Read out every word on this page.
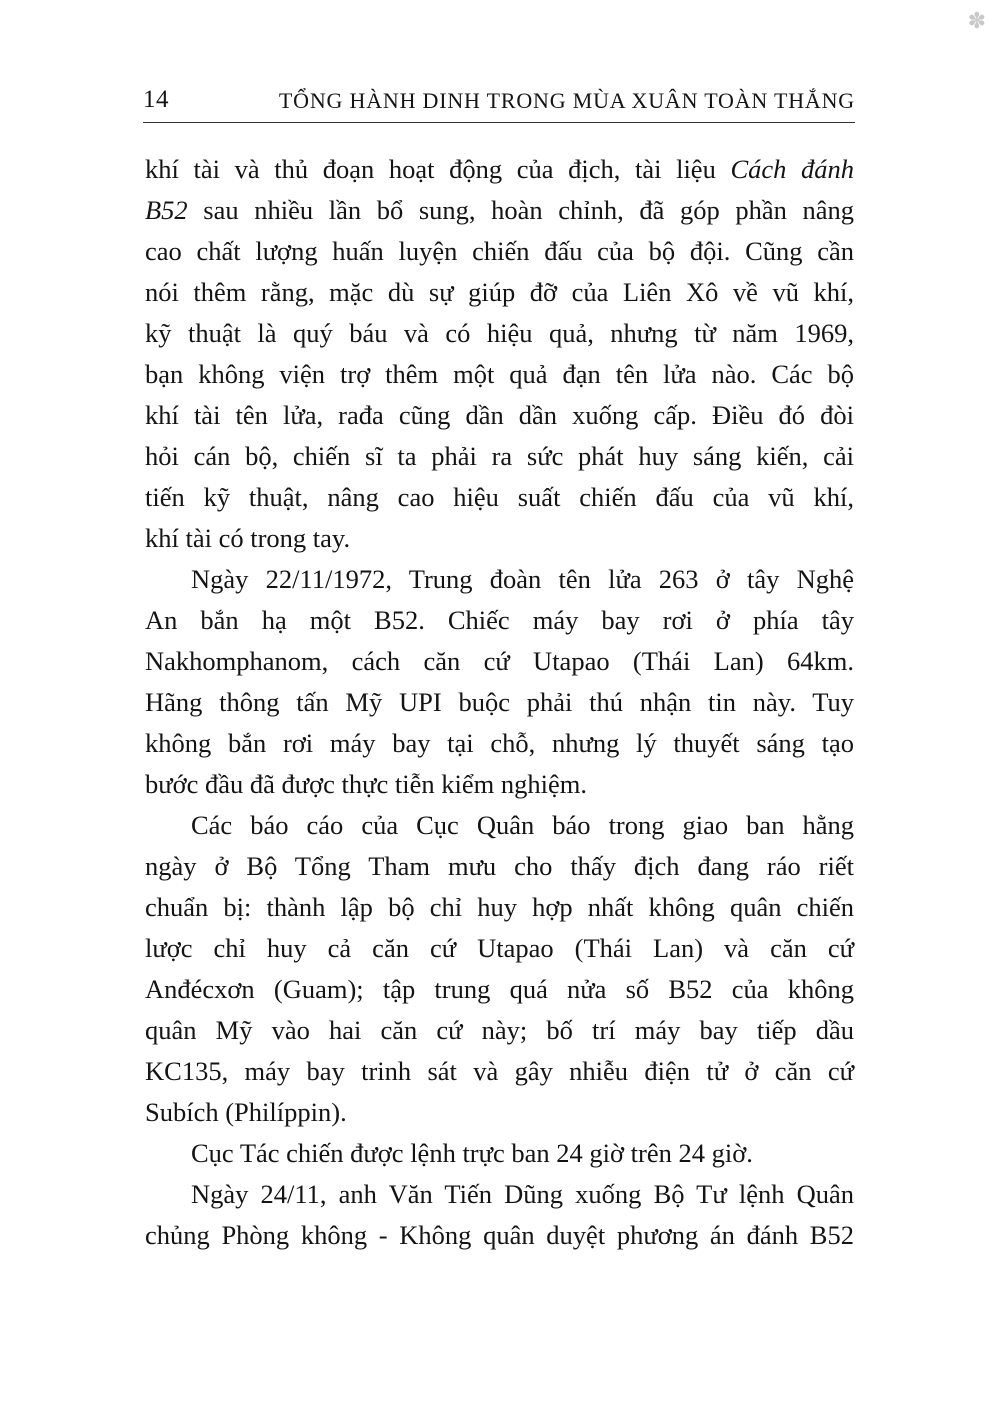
✽
14	TỔNG HÀNH DINH TRONG MÙA XUÂN TOÀN THẮNG
khí tài và thủ đoạn hoạt động của địch, tài liệu Cách đánh
B52 sau nhiều lần bổ sung, hoàn chỉnh, đã góp phần nâng
cao chất lượng huấn luyện chiến đấu của bộ đội. Cũng cần
nói thêm rằng, mặc dù sự giúp đỡ của Liên Xô về vũ khí,
kỹ thuật là quý báu và có hiệu quả, nhưng từ năm 1969,
bạn không viện trợ thêm một quả đạn tên lửa nào. Các bộ
khí tài tên lửa, rađa cũng dần dần xuống cấp. Điều đó đòi
hỏi cán bộ, chiến sĩ ta phải ra sức phát huy sáng kiến, cải
tiến kỹ thuật, nâng cao hiệu suất chiến đấu của vũ khí,
khí tài có trong tay.
Ngày 22/11/1972, Trung đoàn tên lửa 263 ở tây Nghệ
An bắn hạ một B52. Chiếc máy bay rơi ở phía tây
Nakhomphanom, cách căn cứ Utapao (Thái Lan) 64km.
Hãng thông tấn Mỹ UPI buộc phải thú nhận tin này. Tuy
không bắn rơi máy bay tại chỗ, nhưng lý thuyết sáng tạo
bước đầu đã được thực tiễn kiểm nghiệm.
Các báo cáo của Cục Quân báo trong giao ban hằng
ngày ở Bộ Tổng Tham mưu cho thấy địch đang ráo riết
chuẩn bị: thành lập bộ chỉ huy hợp nhất không quân chiến
lược chỉ huy cả căn cứ Utapao (Thái Lan) và căn cứ
Anđécxơn (Guam); tập trung quá nửa số B52 của không
quân Mỹ vào hai căn cứ này; bố trí máy bay tiếp dầu
KC135, máy bay trinh sát và gây nhiễu điện tử ở căn cứ
Subích (Philíppin).
Cục Tác chiến được lệnh trực ban 24 giờ trên 24 giờ.
Ngày 24/11, anh Văn Tiến Dũng xuống Bộ Tư lệnh Quân
chủng Phòng không - Không quân duyệt phương án đánh B52
